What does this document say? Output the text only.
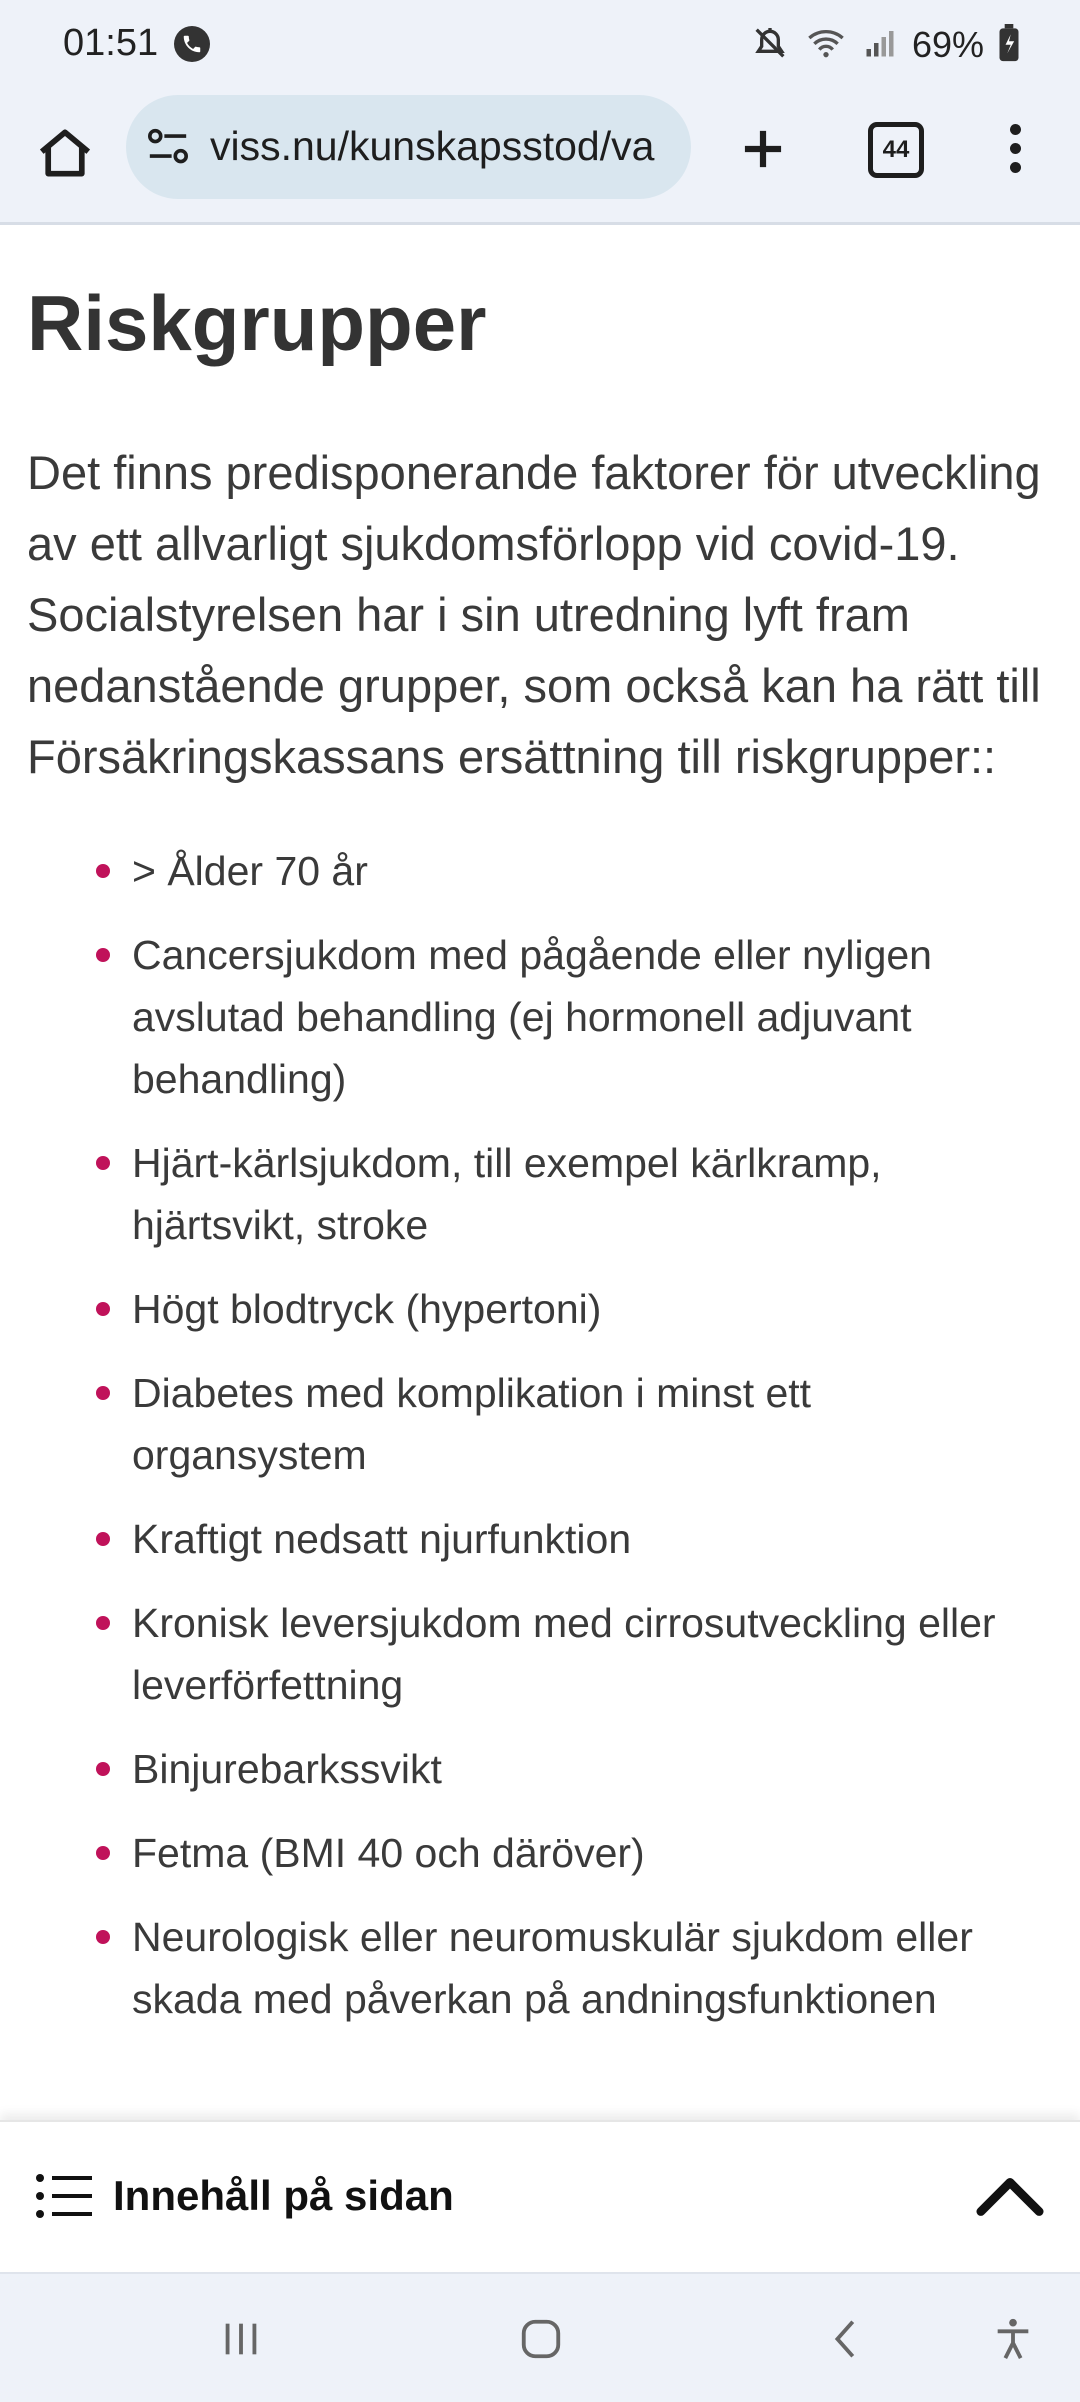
01:51	69%
viss.nu/kunskapsstod/va	44
Riskgrupper

Det finns predisponerande faktorer för utveckling av ett allvarligt sjukdomsförlopp vid covid-19. Socialstyrelsen har i sin utredning lyft fram nedanstående grupper, som också kan ha rätt till Försäkringskassans ersättning till riskgrupper::

> Ålder 70 år
Cancersjukdom med pågående eller nyligen avslutad behandling (ej hormonell adjuvant behandling)
Hjärt-kärlsjukdom, till exempel kärlkramp, hjärtsvikt, stroke
Högt blodtryck (hypertoni)
Diabetes med komplikation i minst ett organsystem
Kraftigt nedsatt njurfunktion
Kronisk leversjukdom med cirrosutveckling eller leverförfettning
Binjurebarkssvikt
Fetma (BMI 40 och däröver)
Neurologisk eller neuromuskulär sjukdom eller skada med påverkan på andningsfunktionen
Innehåll på sidan
